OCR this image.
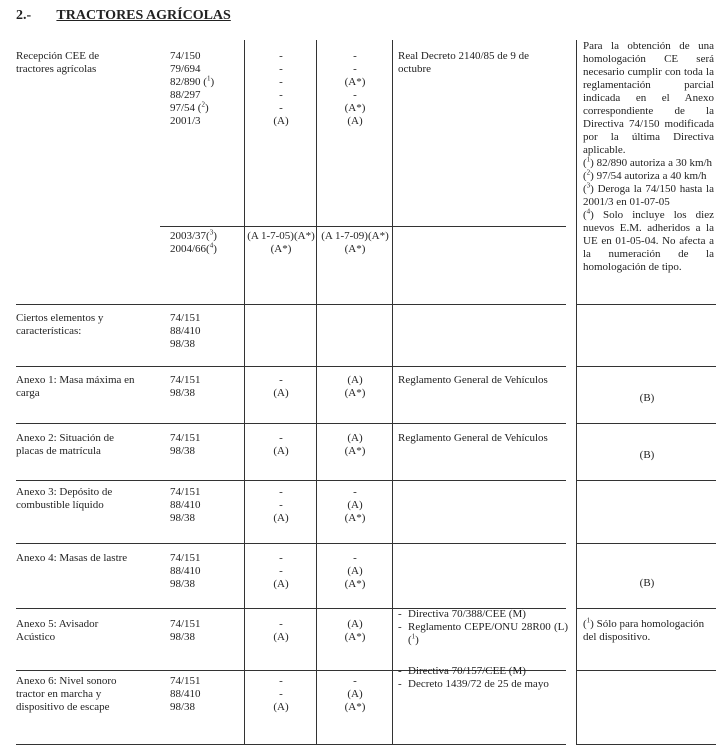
2.- TRACTORES AGRÍCOLAS
Recepción CEE de
tractores agrícolas
74/150
79/694
82/890 ($^1$)
88/297
97/54 ($^2$)
2001/3
-
-
-
-
-
(A)
-
-
(A*)
-
(A*)
(A)
Real Decreto 2140/85 de 9 de
octubre
Para la obtención de una homologación CE será necesario cumplir con toda la reglamentación parcial indicada en el Anexo correspondiente de la Directiva 74/150 modificada por la última Directiva aplicable.
($^1$) 82/890 autoriza a 30 km/h
($^2$) 97/54 autoriza a 40 km/h
($^3$) Deroga la 74/150 hasta la 2001/3 en 01-07-05
($^4$) Solo incluye los diez nuevos E.M. adheridos a la UE en 01-05-04. No afecta a la numeración de la homologación de tipo.
2003/37($^3$)
2004/66($^4$)
(A 1-7-05)(A*)
(A*)
(A 1-7-09)(A*)
(A*)
Ciertos elementos y
características:
74/151
88/410
98/38
Anexo 1: Masa máxima en
carga
74/151
98/38
-
(A)
(A)
(A*)
Reglamento General de Vehículos
(B)
Anexo 2: Situación de
placas de matrícula
74/151
98/38
-
(A)
(A)
(A*)
Reglamento General de Vehículos
(B)
Anexo 3: Depósito de
combustible líquido
74/151
88/410
98/38
-
-
(A)
-
(A)
(A*)
Anexo 4: Masas de lastre	74/151
88/410
98/38
-
-
(A)
-
(A)
(A*)	(B)
Anexo 5: Avisador
Acústico
74/151
98/38
-
(A)
(A)
(A*)
- Directiva 70/388/CEE (M)
- Reglamento CEPE/ONU 28R00 (L) ($^1$)
($^1$) Sólo para homologación del dispositivo.
Anexo 6: Nivel sonoro
tractor en marcha y
dispositivo de escape
74/151
88/410
98/38
-
-
(A)
-
(A)
(A*)
- Directiva 70/157/CEE (M)
- Decreto 1439/72 de 25 de mayo
